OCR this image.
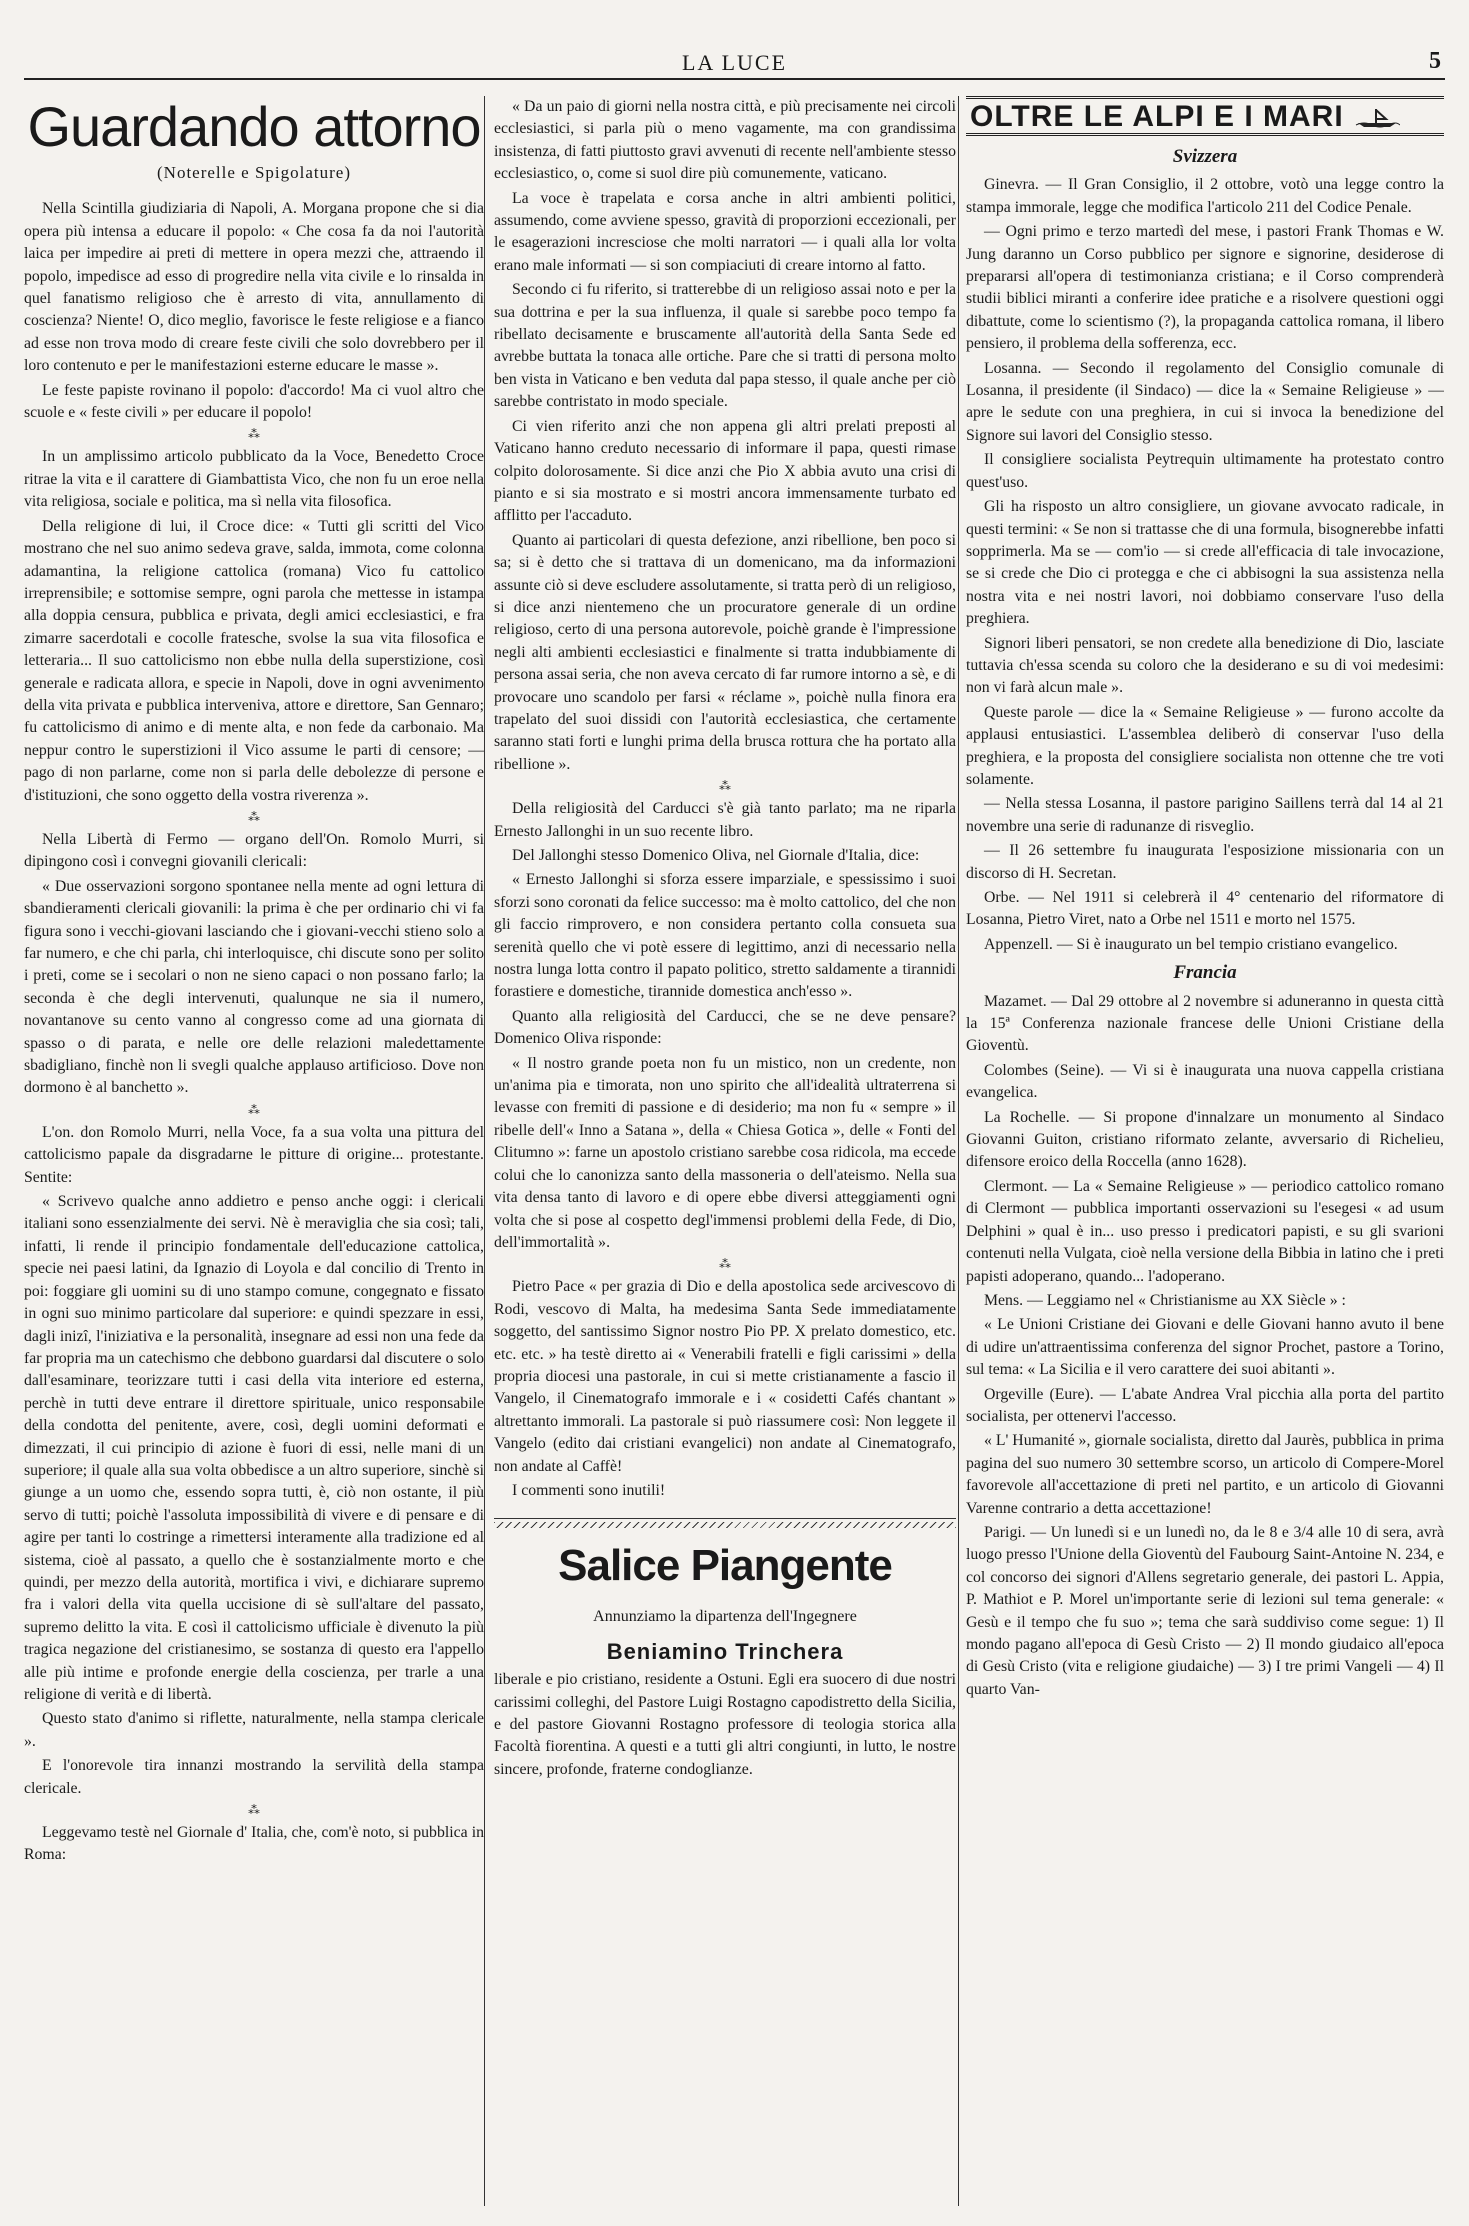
LA LUCE	5
Guardando attorno
(Noterelle e Spigolature)

Nella Scintilla giudiziaria di Napoli, A. Morgana propone che si dia opera più intensa a educare il popolo: « Che cosa fa da noi l'autorità laica per impedire ai preti di mettere in opera mezzi che, attraendo il popolo, impedisce ad esso di progredire nella vita civile e lo rinsalda in quel fanatismo religioso che è arresto di vita, annullamento di coscienza? Niente! O, dico meglio, favorisce le feste religiose e a fianco ad esse non trova modo di creare feste civili che solo dovrebbero per il loro contenuto e per le manifestazioni esterne educare le masse ».

Le feste papiste rovinano il popolo: d'accordo! Ma ci vuol altro che scuole e « feste civili » per educare il popolo!

⁂

In un amplissimo articolo pubblicato da la Voce, Benedetto Croce ritrae la vita e il carattere di Giambattista Vico, che non fu un eroe nella vita religiosa, sociale e politica, ma sì nella vita filosofica.

Della religione di lui, il Croce dice: « Tutti gli scritti del Vico mostrano che nel suo animo sedeva grave, salda, immota, come colonna adamantina, la religione cattolica (romana) Vico fu cattolico irreprensibile; e sottomise sempre, ogni parola che mettesse in istampa alla doppia censura, pubblica e privata, degli amici ecclesiastici, e fra zimarre sacerdotali e cocolle fratesche, svolse la sua vita filosofica e letteraria... Il suo cattolicismo non ebbe nulla della superstizione, così generale e radicata allora, e specie in Napoli, dove in ogni avvenimento della vita privata e pubblica interveniva, attore e direttore, San Gennaro; fu cattolicismo di animo e di mente alta, e non fede da carbonaio. Ma neppur contro le superstizioni il Vico assume le parti di censore; — pago di non parlarne, come non si parla delle debolezze di persone e d'istituzioni, che sono oggetto della vostra riverenza ».

⁂

Nella Libertà di Fermo — organo dell'On. Romolo Murri, si dipingono così i convegni giovanili clericali:

« Due osservazioni sorgono spontanee nella mente ad ogni lettura di sbandieramenti clericali giovanili: la prima è che per ordinario chi vi fa figura sono i vecchi-giovani lasciando che i giovani-vecchi stieno solo a far numero, e che chi parla, chi interloquisce, chi discute sono per solito i preti, come se i secolari o non ne sieno capaci o non possano farlo; la seconda è che degli intervenuti, qualunque ne sia il numero, novantanove su cento vanno al congresso come ad una giornata di spasso o di parata, e nelle ore delle relazioni maledettamente sbadigliano, finchè non li svegli qualche applauso artificioso. Dove non dormono è al banchetto ».

⁂

L'on. don Romolo Murri, nella Voce, fa a sua volta una pittura del cattolicismo papale da disgradarne le pitture di origine... protestante. Sentite:

« Scrivevo qualche anno addietro e penso anche oggi: i clericali italiani sono essenzialmente dei servi. Nè è meraviglia che sia così; tali, infatti, li rende il principio fondamentale dell'educazione cattolica, specie nei paesi latini, da Ignazio di Loyola e dal concilio di Trento in poi: foggiare gli uomini su di uno stampo comune, congegnato e fissato in ogni suo minimo particolare dal superiore: e quindi spezzare in essi, dagli inizî, l'iniziativa e la personalità, insegnare ad essi non una fede da far propria ma un catechismo che debbono guardarsi dal discutere o solo dall'esaminare, teorizzare tutti i casi della vita interiore ed esterna, perchè in tutti deve entrare il direttore spirituale, unico responsabile della condotta del penitente, avere, così, degli uomini deformati e dimezzati, il cui principio di azione è fuori di essi, nelle mani di un superiore; il quale alla sua volta obbedisce a un altro superiore, sinchè si giunge a un uomo che, essendo sopra tutti, è, ciò non ostante, il più servo di tutti; poichè l'assoluta impossibilità di vivere e di pensare e di agire per tanti lo costringe a rimettersi interamente alla tradizione ed al sistema, cioè al passato, a quello che è sostanzialmente morto e che quindi, per mezzo della autorità, mortifica i vivi, e dichiarare supremo fra i valori della vita quella uccisione di sè sull'altare del passato, supremo delitto la vita. E così il cattolicismo ufficiale è divenuto la più tragica negazione del cristianesimo, se sostanza di questo era l'appello alle più intime e profonde energie della coscienza, per trarle a una religione di verità e di libertà.

Questo stato d'animo si riflette, naturalmente, nella stampa clericale ».

E l'onorevole tira innanzi mostrando la servilità della stampa clericale.

⁂

Leggevamo testè nel Giornale d' Italia, che, com'è noto, si pubblica in Roma:

« Da un paio di giorni nella nostra città, e più precisamente nei circoli ecclesiastici, si parla più o meno vagamente, ma con grandissima insistenza, di fatti piuttosto gravi avvenuti di recente nell'ambiente stesso ecclesiastico, o, come si suol dire più comunemente, vaticano.

La voce è trapelata e corsa anche in altri ambienti politici, assumendo, come avviene spesso, gravità di proporzioni eccezionali, per le esagerazioni incresciose che molti narratori — i quali alla lor volta erano male informati — si son compiaciuti di creare intorno al fatto.

Secondo ci fu riferito, si tratterebbe di un religioso assai noto e per la sua dottrina e per la sua influenza, il quale si sarebbe poco tempo fa ribellato decisamente e bruscamente all'autorità della Santa Sede ed avrebbe buttata la tonaca alle ortiche. Pare che si tratti di persona molto ben vista in Vaticano e ben veduta dal papa stesso, il quale anche per ciò sarebbe contristato in modo speciale.

Ci vien riferito anzi che non appena gli altri prelati preposti al Vaticano hanno creduto necessario di informare il papa, questi rimase colpito dolorosamente. Si dice anzi che Pio X abbia avuto una crisi di pianto e si sia mostrato e si mostri ancora immensamente turbato ed afflitto per l'accaduto.

Quanto ai particolari di questa defezione, anzi ribellione, ben poco si sa; si è detto che si trattava di un domenicano, ma da informazioni assunte ciò si deve escludere assolutamente, si tratta però di un religioso, si dice anzi nientemeno che un procuratore generale di un ordine religioso, certo di una persona autorevole, poichè grande è l'impressione negli alti ambienti ecclesiastici e finalmente si tratta indubbiamente di persona assai seria, che non aveva cercato di far rumore intorno a sè, e di provocare uno scandolo per farsi « réclame », poichè nulla finora era trapelato del suoi dissidi con l'autorità ecclesiastica, che certamente saranno stati forti e lunghi prima della brusca rottura che ha portato alla ribellione ».

⁂

Della religiosità del Carducci s'è già tanto parlato; ma ne riparla Ernesto Jallonghi in un suo recente libro.

Del Jallonghi stesso Domenico Oliva, nel Giornale d'Italia, dice:

« Ernesto Jallonghi si sforza essere imparziale, e spessissimo i suoi sforzi sono coronati da felice successo: ma è molto cattolico, del che non gli faccio rimprovero, e non considera pertanto colla consueta sua serenità quello che vi potè essere di legittimo, anzi di necessario nella nostra lunga lotta contro il papato politico, stretto saldamente a tirannidi forastiere e domestiche, tirannide domestica anch'esso ».

Quanto alla religiosità del Carducci, che se ne deve pensare? Domenico Oliva risponde:

« Il nostro grande poeta non fu un mistico, non un credente, non un'anima pia e timorata, non uno spirito che all'idealità ultraterrena si levasse con fremiti di passione e di desiderio; ma non fu « sempre » il ribelle dell'« Inno a Satana », della « Chiesa Gotica », delle « Fonti del Clitumno »: farne un apostolo cristiano sarebbe cosa ridicola, ma eccede colui che lo canonizza santo della massoneria o dell'ateismo. Nella sua vita densa tanto di lavoro e di opere ebbe diversi atteggiamenti ogni volta che si pose al cospetto degl'immensi problemi della Fede, di Dio, dell'immortalità ».

⁂

Pietro Pace « per grazia di Dio e della apostolica sede arcivescovo di Rodi, vescovo di Malta, ha medesima Santa Sede immediatamente soggetto, del santissimo Signor nostro Pio PP. X prelato domestico, etc. etc. etc. » ha testè diretto ai « Venerabili fratelli e figli carissimi » della propria diocesi una pastorale, in cui si mette cristianamente a fascio il Vangelo, il Cinematografo immorale e i « cosidetti Cafés chantant » altrettanto immorali. La pastorale si può riassumere così: Non leggete il Vangelo (edito dai cristiani evangelici) non andate al Cinematografo, non andate al Caffè!

I commenti sono inutili!

Salice Piangente
Annunziamo la dipartenza dell'Ingegnere
Beniamino Trinchera

liberale e pio cristiano, residente a Ostuni. Egli era suocero di due nostri carissimi colleghi, del Pastore Luigi Rostagno capodistretto della Sicilia, e del pastore Giovanni Rostagno professore di teologia storica alla Facoltà fiorentina. A questi e a tutti gli altri congiunti, in lutto, le nostre sincere, profonde, fraterne condoglianze.

OLTRE LE ALPI E I MARI
Svizzera

Ginevra. — Il Gran Consiglio, il 2 ottobre, votò una legge contro la stampa immorale, legge che modifica l'articolo 211 del Codice Penale.

— Ogni primo e terzo martedì del mese, i pastori Frank Thomas e W. Jung daranno un Corso pubblico per signore e signorine, desiderose di prepararsi all'opera di testimonianza cristiana; e il Corso comprenderà studii biblici miranti a conferire idee pratiche e a risolvere questioni oggi dibattute, come lo scientismo (?), la propaganda cattolica romana, il libero pensiero, il problema della sofferenza, ecc.

Losanna. — Secondo il regolamento del Consiglio comunale di Losanna, il presidente (il Sindaco) — dice la « Semaine Religieuse » — apre le sedute con una preghiera, in cui si invoca la benedizione del Signore sui lavori del Consiglio stesso.

Il consigliere socialista Peytrequin ultimamente ha protestato contro quest'uso.

Gli ha risposto un altro consigliere, un giovane avvocato radicale, in questi termini: « Se non si trattasse che di una formula, bisognerebbe infatti sopprimerla. Ma se — com'io — si crede all'efficacia di tale invocazione, se si crede che Dio ci protegga e che ci abbisogni la sua assistenza nella nostra vita e nei nostri lavori, noi dobbiamo conservare l'uso della preghiera.

Signori liberi pensatori, se non credete alla benedizione di Dio, lasciate tuttavia ch'essa scenda su coloro che la desiderano e su di voi medesimi: non vi farà alcun male ».

Queste parole — dice la « Semaine Religieuse » — furono accolte da applausi entusiastici. L'assemblea deliberò di conservar l'uso della preghiera, e la proposta del consigliere socialista non ottenne che tre voti solamente.

— Nella stessa Losanna, il pastore parigino Saillens terrà dal 14 al 21 novembre una serie di radunanze di risveglio.

— Il 26 settembre fu inaugurata l'esposizione missionaria con un discorso di H. Secretan.

Orbe. — Nel 1911 si celebrerà il 4° centenario del riformatore di Losanna, Pietro Viret, nato a Orbe nel 1511 e morto nel 1575.

Appenzell. — Si è inaugurato un bel tempio cristiano evangelico.

Francia

Mazamet. — Dal 29 ottobre al 2 novembre si aduneranno in questa città la 15ª Conferenza nazionale francese delle Unioni Cristiane della Gioventù.

Colombes (Seine). — Vi si è inaugurata una nuova cappella cristiana evangelica.

La Rochelle. — Si propone d'innalzare un monumento al Sindaco Giovanni Guiton, cristiano riformato zelante, avversario di Richelieu, difensore eroico della Roccella (anno 1628).

Clermont. — La « Semaine Religieuse » — periodico cattolico romano di Clermont — pubblica importanti osservazioni su l'esegesi « ad usum Delphini » qual è in... uso presso i predicatori papisti, e su gli svarioni contenuti nella Vulgata, cioè nella versione della Bibbia in latino che i preti papisti adoperano, quando... l'adoperano.

Mens. — Leggiamo nel « Christianisme au XX Siècle » :

« Le Unioni Cristiane dei Giovani e delle Giovani hanno avuto il bene di udire un'attraentissima conferenza del signor Prochet, pastore a Torino, sul tema: « La Sicilia e il vero carattere dei suoi abitanti ».

Orgeville (Eure). — L'abate Andrea Vral picchia alla porta del partito socialista, per ottenervi l'accesso.

« L' Humanité », giornale socialista, diretto dal Jaurès, pubblica in prima pagina del suo numero 30 settembre scorso, un articolo di Compere-Morel favorevole all'accettazione di preti nel partito, e un articolo di Giovanni Varenne contrario a detta accettazione!

Parigi. — Un lunedì si e un lunedì no, da le 8 e 3/4 alle 10 di sera, avrà luogo presso l'Unione della Gioventù del Faubourg Saint-Antoine N. 234, e col concorso dei signori d'Allens segretario generale, dei pastori L. Appia, P. Mathiot e P. Morel un'importante serie di lezioni sul tema generale: « Gesù e il tempo che fu suo »; tema che sarà suddiviso come segue: 1) Il mondo pagano all'epoca di Gesù Cristo — 2) Il mondo giudaico all'epoca di Gesù Cristo (vita e religione giudaiche) — 3) I tre primi Vangeli — 4) Il quarto Van-
